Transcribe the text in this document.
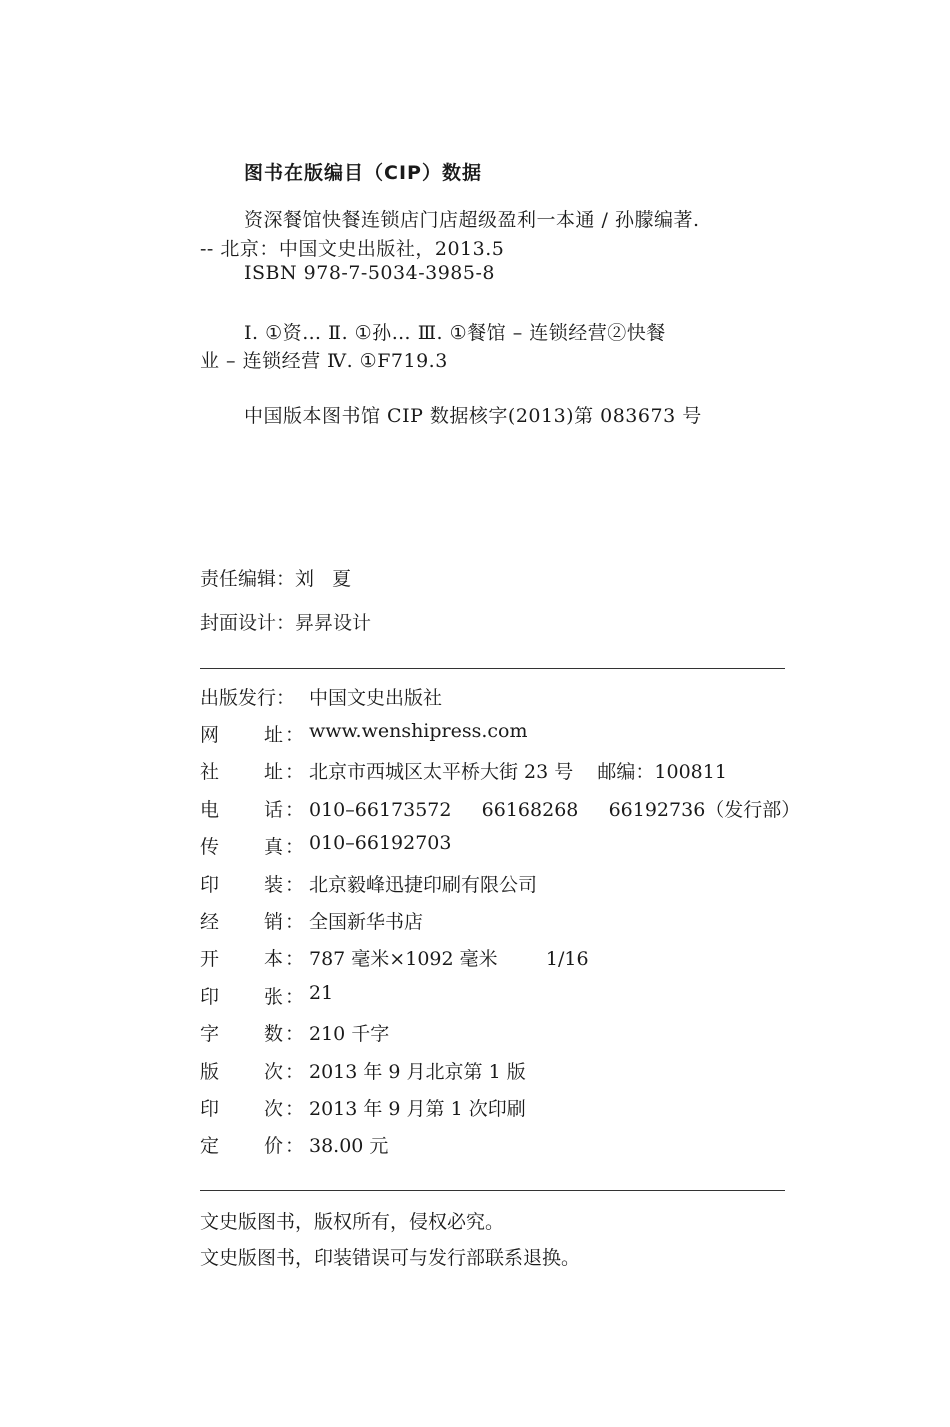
图书在版编目（CIP）数据
资深餐馆快餐连锁店门店超级盈利一本通 / 孙朦编著.
-- 北京：中国文史出版社，2013.5
ISBN 978-7-5034-3985-8
Ⅰ. ①资… Ⅱ. ①孙… Ⅲ. ①餐馆 – 连锁经营②快餐
业 – 连锁经营 Ⅳ. ①F719.3
中国版本图书馆 CIP 数据核字(2013)第 083673 号
责任编辑：刘   夏
封面设计：昇昇设计
出版发行： 中国文史出版社
网 址 ： www.wenshipress.com
社 址 ： 北京市西城区太平桥大街 23 号    邮编：100811
电 话 ： 010–66173572     66168268     66192736（发行部）
传 真 ： 010–66192703
印 装 ： 北京毅峰迅捷印刷有限公司
经 销 ： 全国新华书店
开 本 ： 787 毫米×1092 毫米        1/16
印 张 ： 21
字 数 ： 210 千字
版 次 ： 2013 年 9 月北京第 1 版
印 次 ： 2013 年 9 月第 1 次印刷
定 价 ： 38.00 元
文史版图书，版权所有，侵权必究。
文史版图书，印装错误可与发行部联系退换。
